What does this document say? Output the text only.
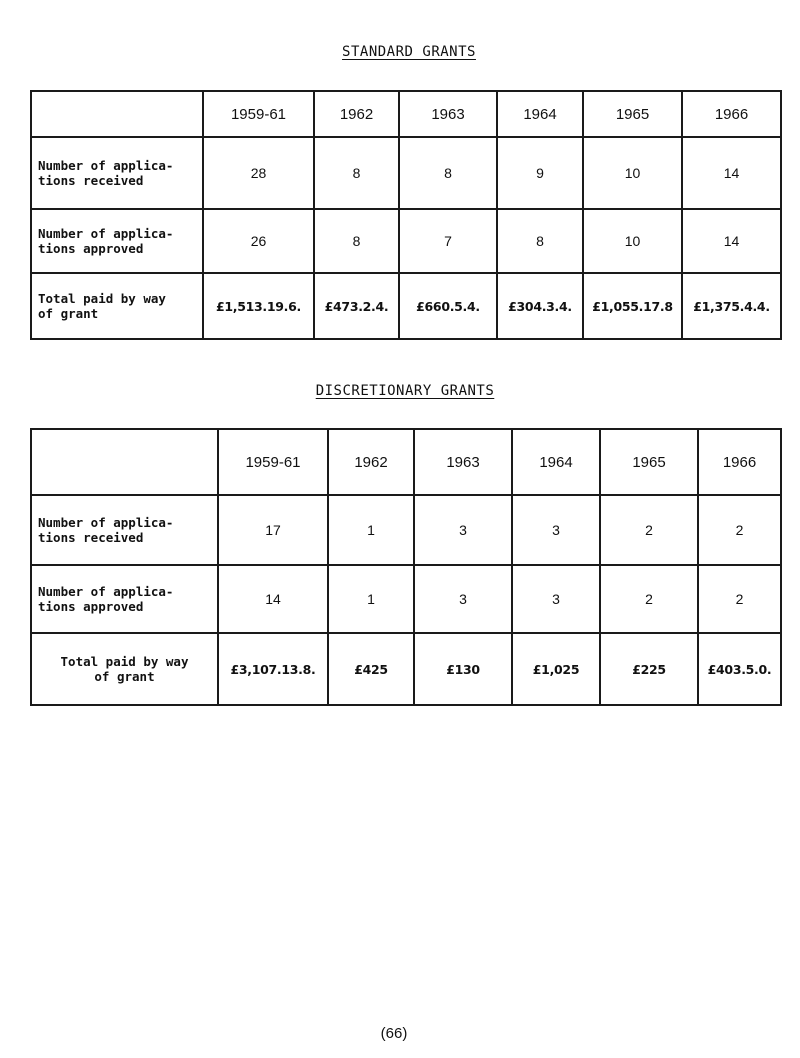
STANDARD GRANTS
	1959-61	1962	1963	1964	1965	1966
Number of applica-
tions received	28	8	8	9	10	14
Number of applica-
tions approved	26	8	7	8	10	14
Total paid by way
of grant	£1,513.19.6.	£473.2.4.	£660.5.4.	£304.3.4.	£1,055.17.8	£1,375.4.4.
DISCRETIONARY GRANTS
	1959-61	1962	1963	1964	1965	1966
Number of applica-
tions received	17	1	3	3	2	2
Number of applica-
tions approved	14	1	3	3	2	2
Total paid by way
of grant	£3,107.13.8.	£425	£130	£1,025	£225	£403.5.0.
(66)
